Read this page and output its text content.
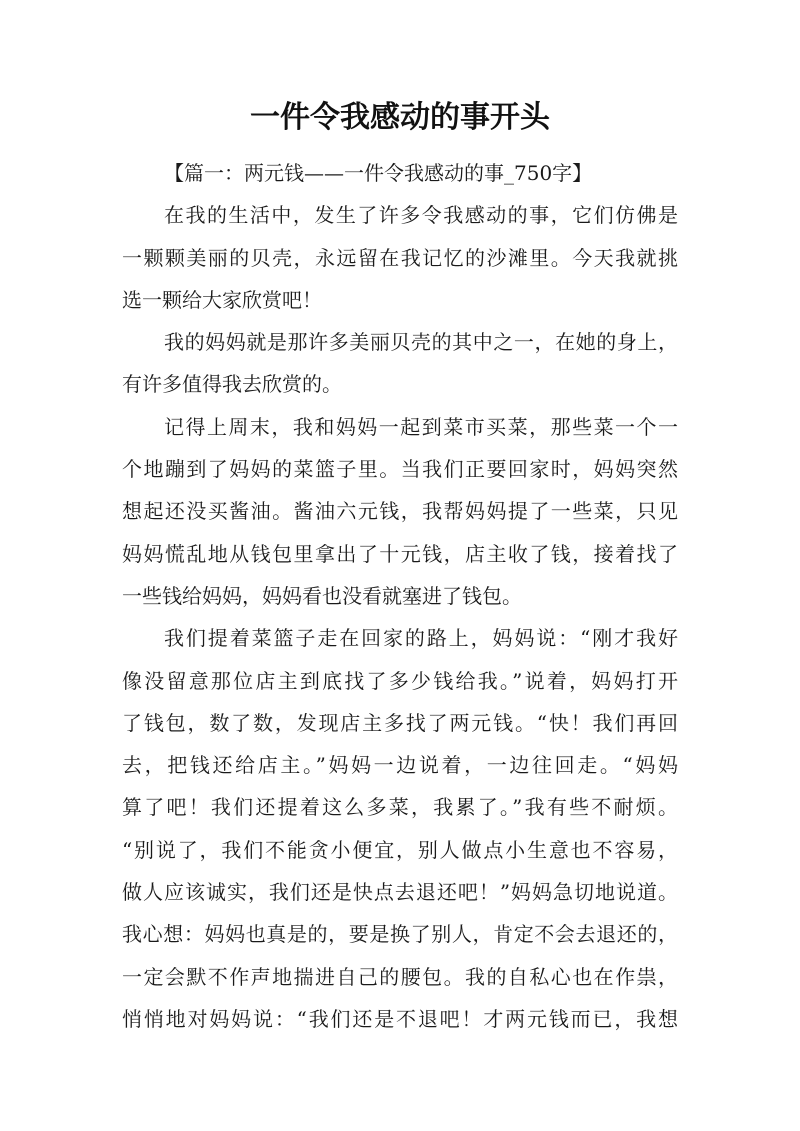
一件令我感动的事开头
【篇一：两元钱——一件令我感动的事_750字】
在我的生活中，发生了许多令我感动的事，它们仿佛是
一颗颗美丽的贝壳，永远留在我记忆的沙滩里。今天我就挑
选一颗给大家欣赏吧！
我的妈妈就是那许多美丽贝壳的其中之一，在她的身上，
有许多值得我去欣赏的。
记得上周末，我和妈妈一起到菜市买菜，那些菜一个一
个地蹦到了妈妈的菜篮子里。当我们正要回家时，妈妈突然
想起还没买酱油。酱油六元钱，我帮妈妈提了一些菜，只见
妈妈慌乱地从钱包里拿出了十元钱，店主收了钱，接着找了
一些钱给妈妈，妈妈看也没看就塞进了钱包。
我们提着菜篮子走在回家的路上，妈妈说：“刚才我好
像没留意那位店主到底找了多少钱给我。”说着，妈妈打开
了钱包，数了数，发现店主多找了两元钱。“快！我们再回
去，把钱还给店主。”妈妈一边说着，一边往回走。“妈妈
算了吧！我们还提着这么多菜，我累了。”我有些不耐烦。
“别说了，我们不能贪小便宜，别人做点小生意也不容易，
做人应该诚实，我们还是快点去退还吧！”妈妈急切地说道。
我心想：妈妈也真是的，要是换了别人，肯定不会去退还的，
一定会默不作声地揣进自己的腰包。我的自私心也在作祟，
悄悄地对妈妈说：“我们还是不退吧！才两元钱而已，我想
